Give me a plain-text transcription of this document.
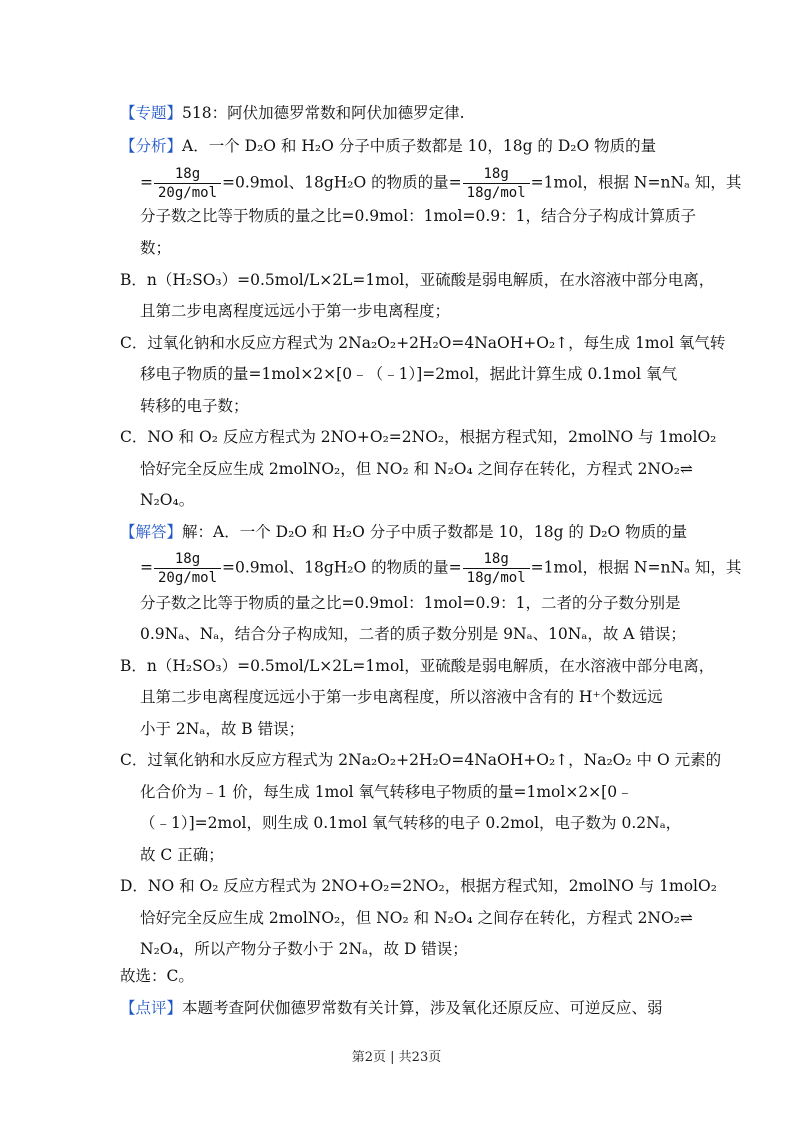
【专题】518：阿伏加德罗常数和阿伏加德罗定律.
【分析】A．一个 D₂O 和 H₂O 分子中质子数都是 10，18g 的 D₂O 物质的量
= $\frac{18g}{\text{20g/mol}} =0.9mol$、18gH₂O 的物质的量= $\frac{18g}{\text{18g/mol}} =1mol$，根据 N=nNₐ 知，其
分子数之比等于物质的量之比=0.9mol：1mol=0.9：1，结合分子构成计算质子
数；
B．n（H₂SO₃）=0.5mol/L×2L=1mol，亚硫酸是弱电解质，在水溶液中部分电离，
且第二步电离程度远远小于第一步电离程度；
C．过氧化钠和水反应方程式为 2Na₂O₂+2H₂O=4NaOH+O₂↑，每生成 1mol 氧气转
移电子物质的量=1mol×2×[0﹣（﹣1）]=2mol，据此计算生成 0.1mol 氧气
转移的电子数；
C．NO 和 O₂ 反应方程式为 2NO+O₂=2NO₂，根据方程式知，2molNO 与 1molO₂
恰好完全反应生成 2molNO₂，但 NO₂ 和 N₂O₄ 之间存在转化，方程式 2NO₂⇌
N₂O₄。
【解答】解：A．一个 D₂O 和 H₂O 分子中质子数都是 10，18g 的 D₂O 物质的量
= $\frac{18g}{\text{20g/mol}} =0.9mol$、18gH₂O 的物质的量= $\frac{18g}{\text{18g/mol}} =1mol$，根据 N=nNₐ 知，其
分子数之比等于物质的量之比=0.9mol：1mol=0.9：1，二者的分子数分别是
0.9Nₐ、Nₐ，结合分子构成知，二者的质子数分别是 9Nₐ、10Nₐ，故 A 错误；
B．n（H₂SO₃）=0.5mol/L×2L=1mol，亚硫酸是弱电解质，在水溶液中部分电离，
且第二步电离程度远远小于第一步电离程度，所以溶液中含有的 H⁺个数远远
小于 2Nₐ，故 B 错误；
C．过氧化钠和水反应方程式为 2Na₂O₂+2H₂O=4NaOH+O₂↑，Na₂O₂ 中 O 元素的
化合价为﹣1 价，每生成 1mol 氧气转移电子物质的量=1mol×2×[0﹣
（﹣1）]=2mol，则生成 0.1mol 氧气转移的电子 0.2mol，电子数为 0.2Nₐ，
故 C 正确；
D．NO 和 O₂ 反应方程式为 2NO+O₂=2NO₂，根据方程式知，2molNO 与 1molO₂
恰好完全反应生成 2molNO₂，但 NO₂ 和 N₂O₄ 之间存在转化，方程式 2NO₂⇌
N₂O₄，所以产物分子数小于 2Nₐ，故 D 错误；
故选：C。
【点评】本题考查阿伏伽德罗常数有关计算，涉及氧化还原反应、可逆反应、弱
第2页 | 共23页
